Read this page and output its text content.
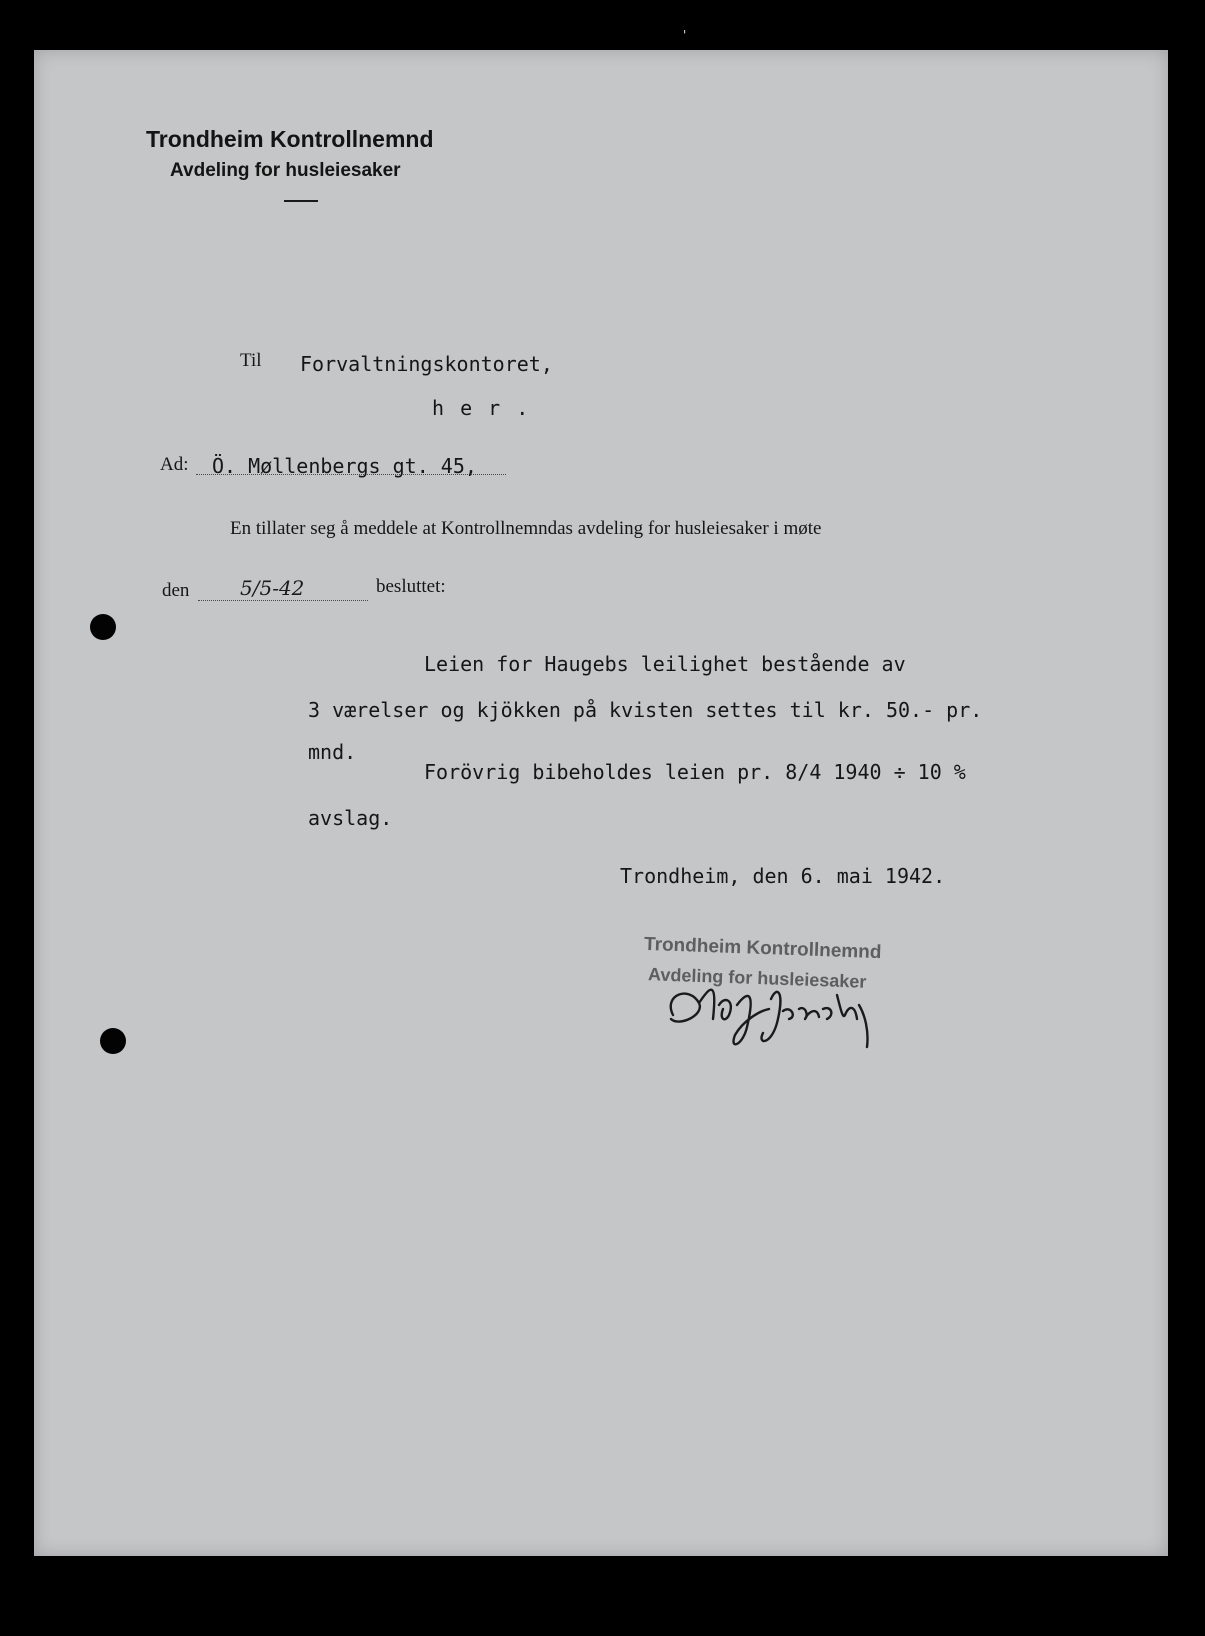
Trondheim Kontrollnemnd
Avdeling for husleiesaker
Til Forvaltningskontoret,
h e r .
Ad: Ö. Møllenbergs gt. 45,
En tillater seg å meddele at Kontrollnemndas avdeling for husleiesaker i møte
den	5/5-42	besluttet:
Leien for Haugebs leilighet bestående av
3 værelser og kjökken på kvisten settes til kr. 50.- pr.
mnd.
Forövrig bibeholdes leien pr. 8/4 1940 ÷ 10 %
avslag.
Trondheim, den 6. mai 1942.
Trondheim Kontrollnemnd
Avdeling for husleiesaker
'
